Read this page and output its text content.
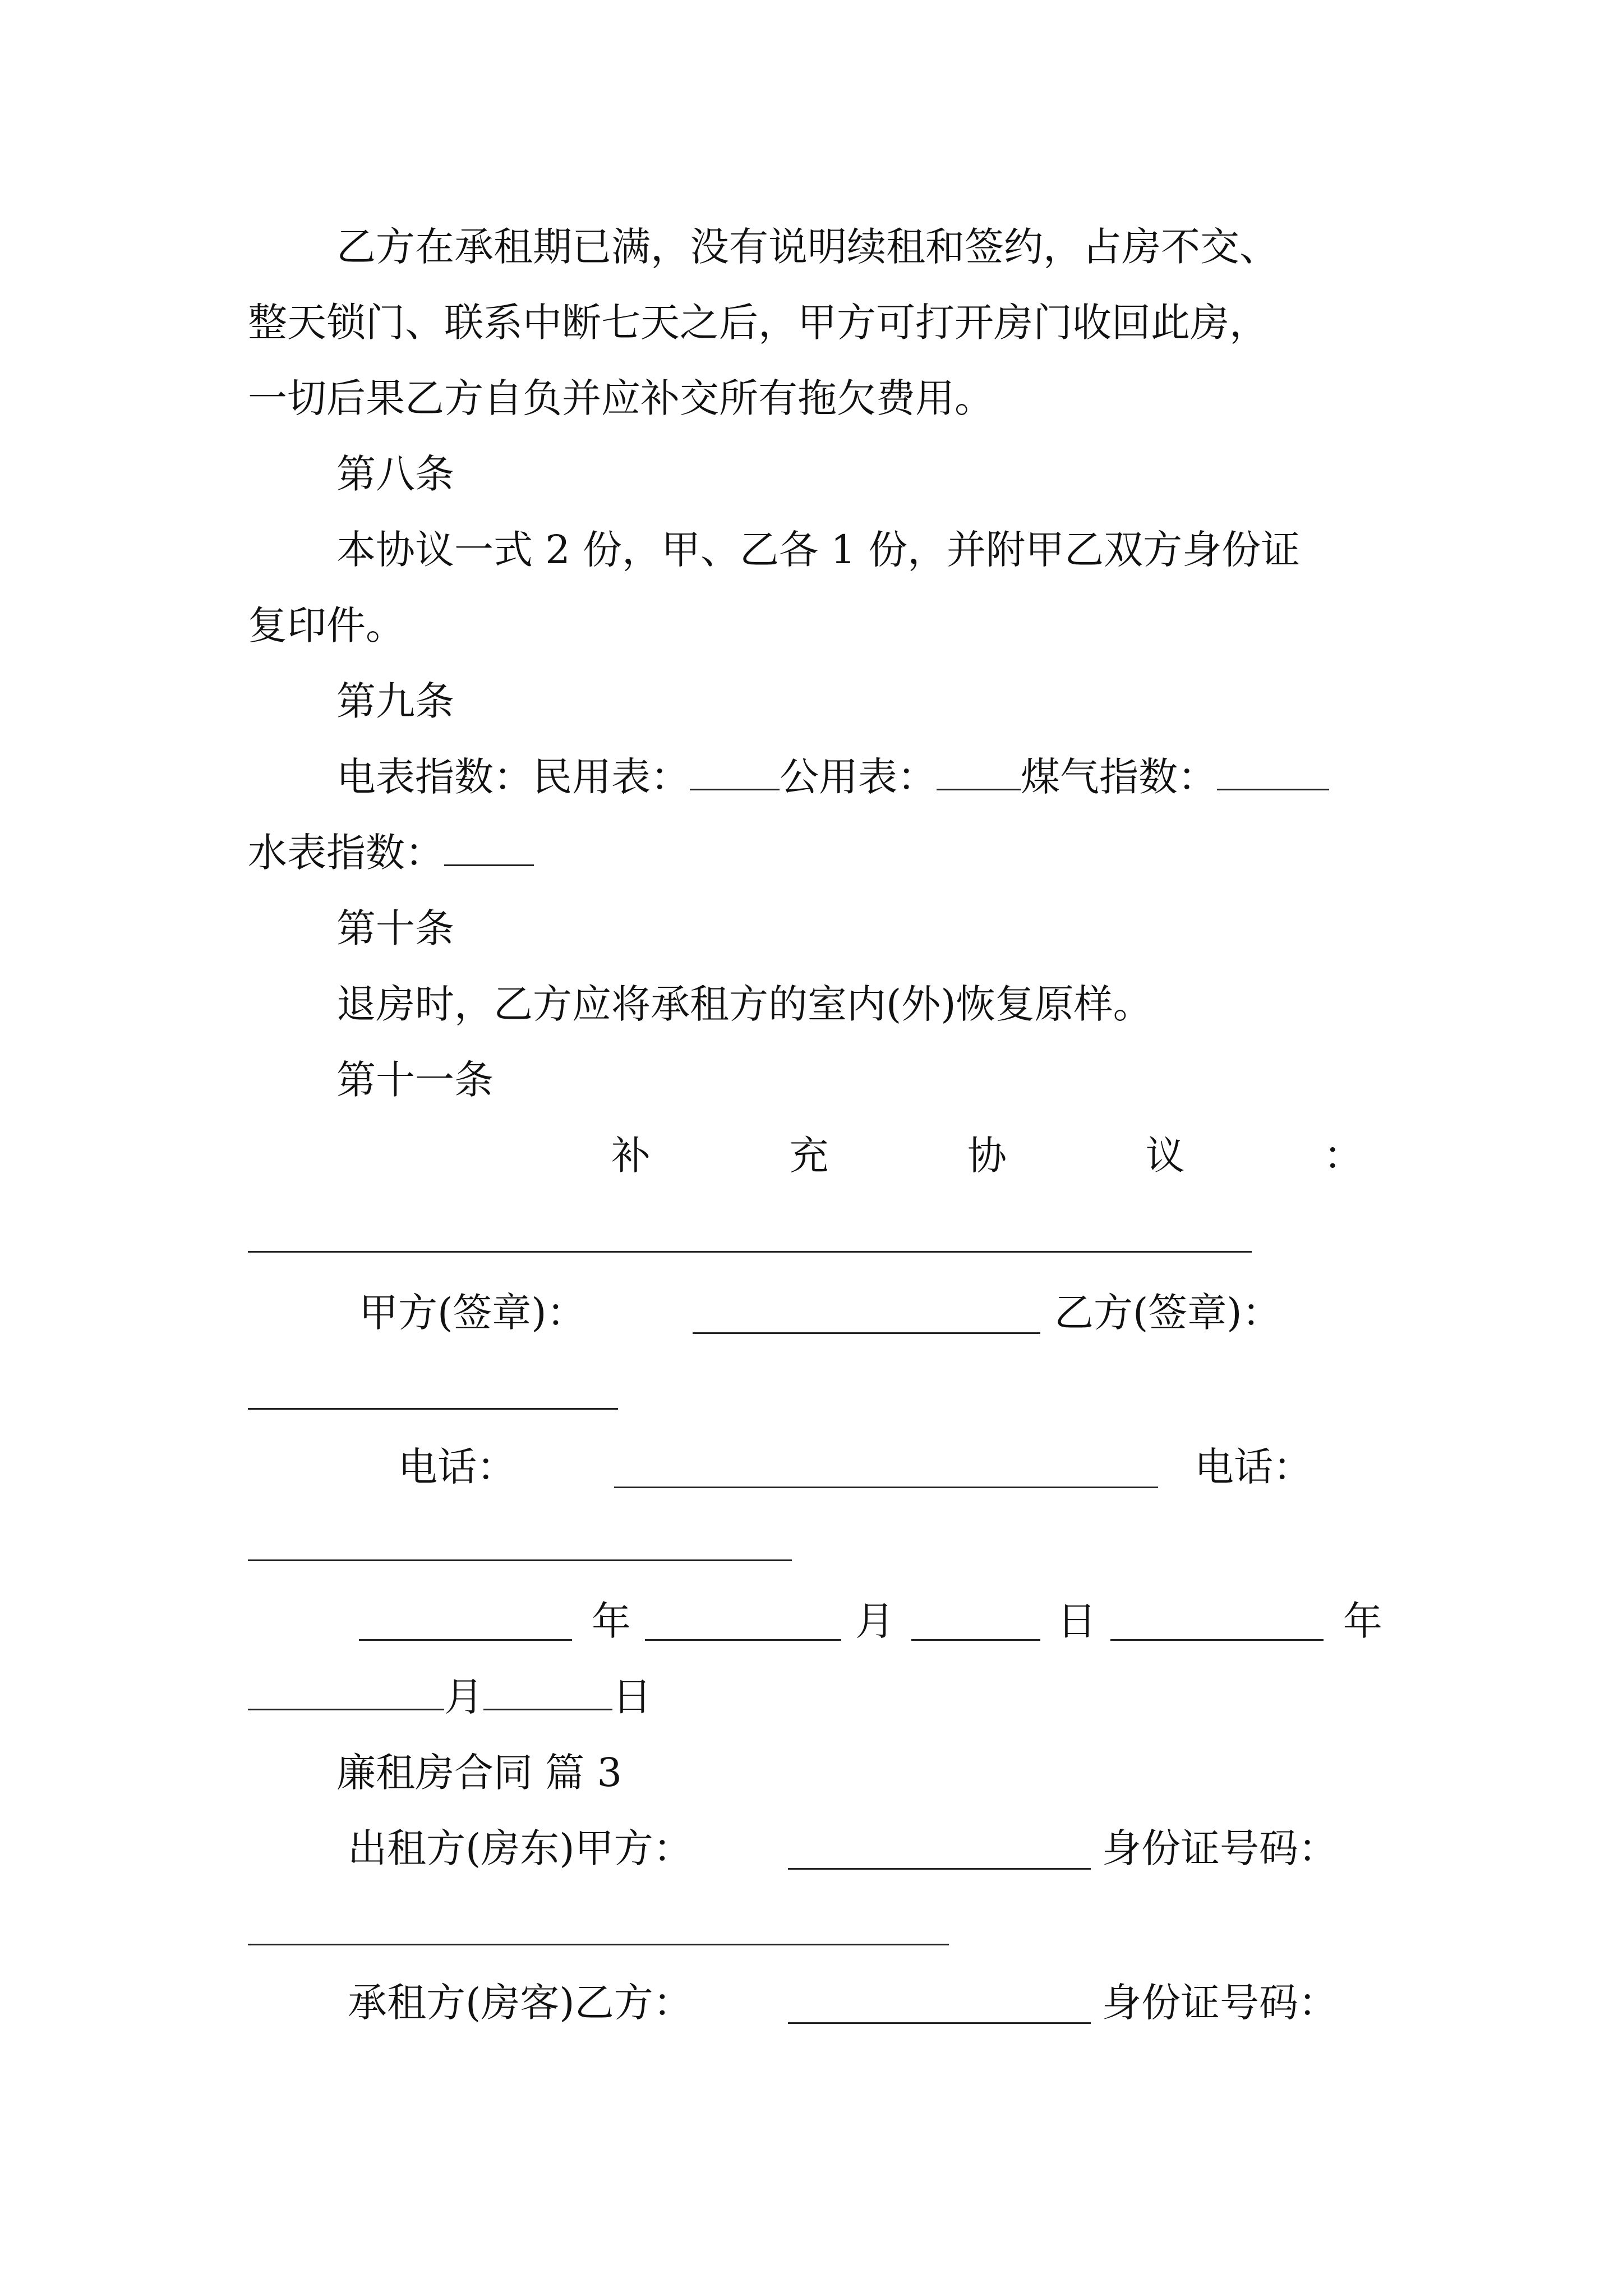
乙方在承租期已满，没有说明续租和签约，占房不交、
整天锁门、联系中断七天之后，甲方可打开房门收回此房，
一切后果乙方自负并应补交所有拖欠费用。
第八条
本协议一式 2 份，甲、乙各 1 份，并附甲乙双方身份证
复印件。
第九条
电表指数：民用表： 公用表： 煤气指数：
水表指数：
第十条
退房时，乙方应将承租方的室内(外)恢复原样。
第十一条
补	充	协	议	：
甲方(签章)：	乙方(签章)：
电话：	电话：
年	月	日	年
月	日
廉租房合同 篇 3
出租方(房东)甲方：	身份证号码：
承租方(房客)乙方：	身份证号码：
